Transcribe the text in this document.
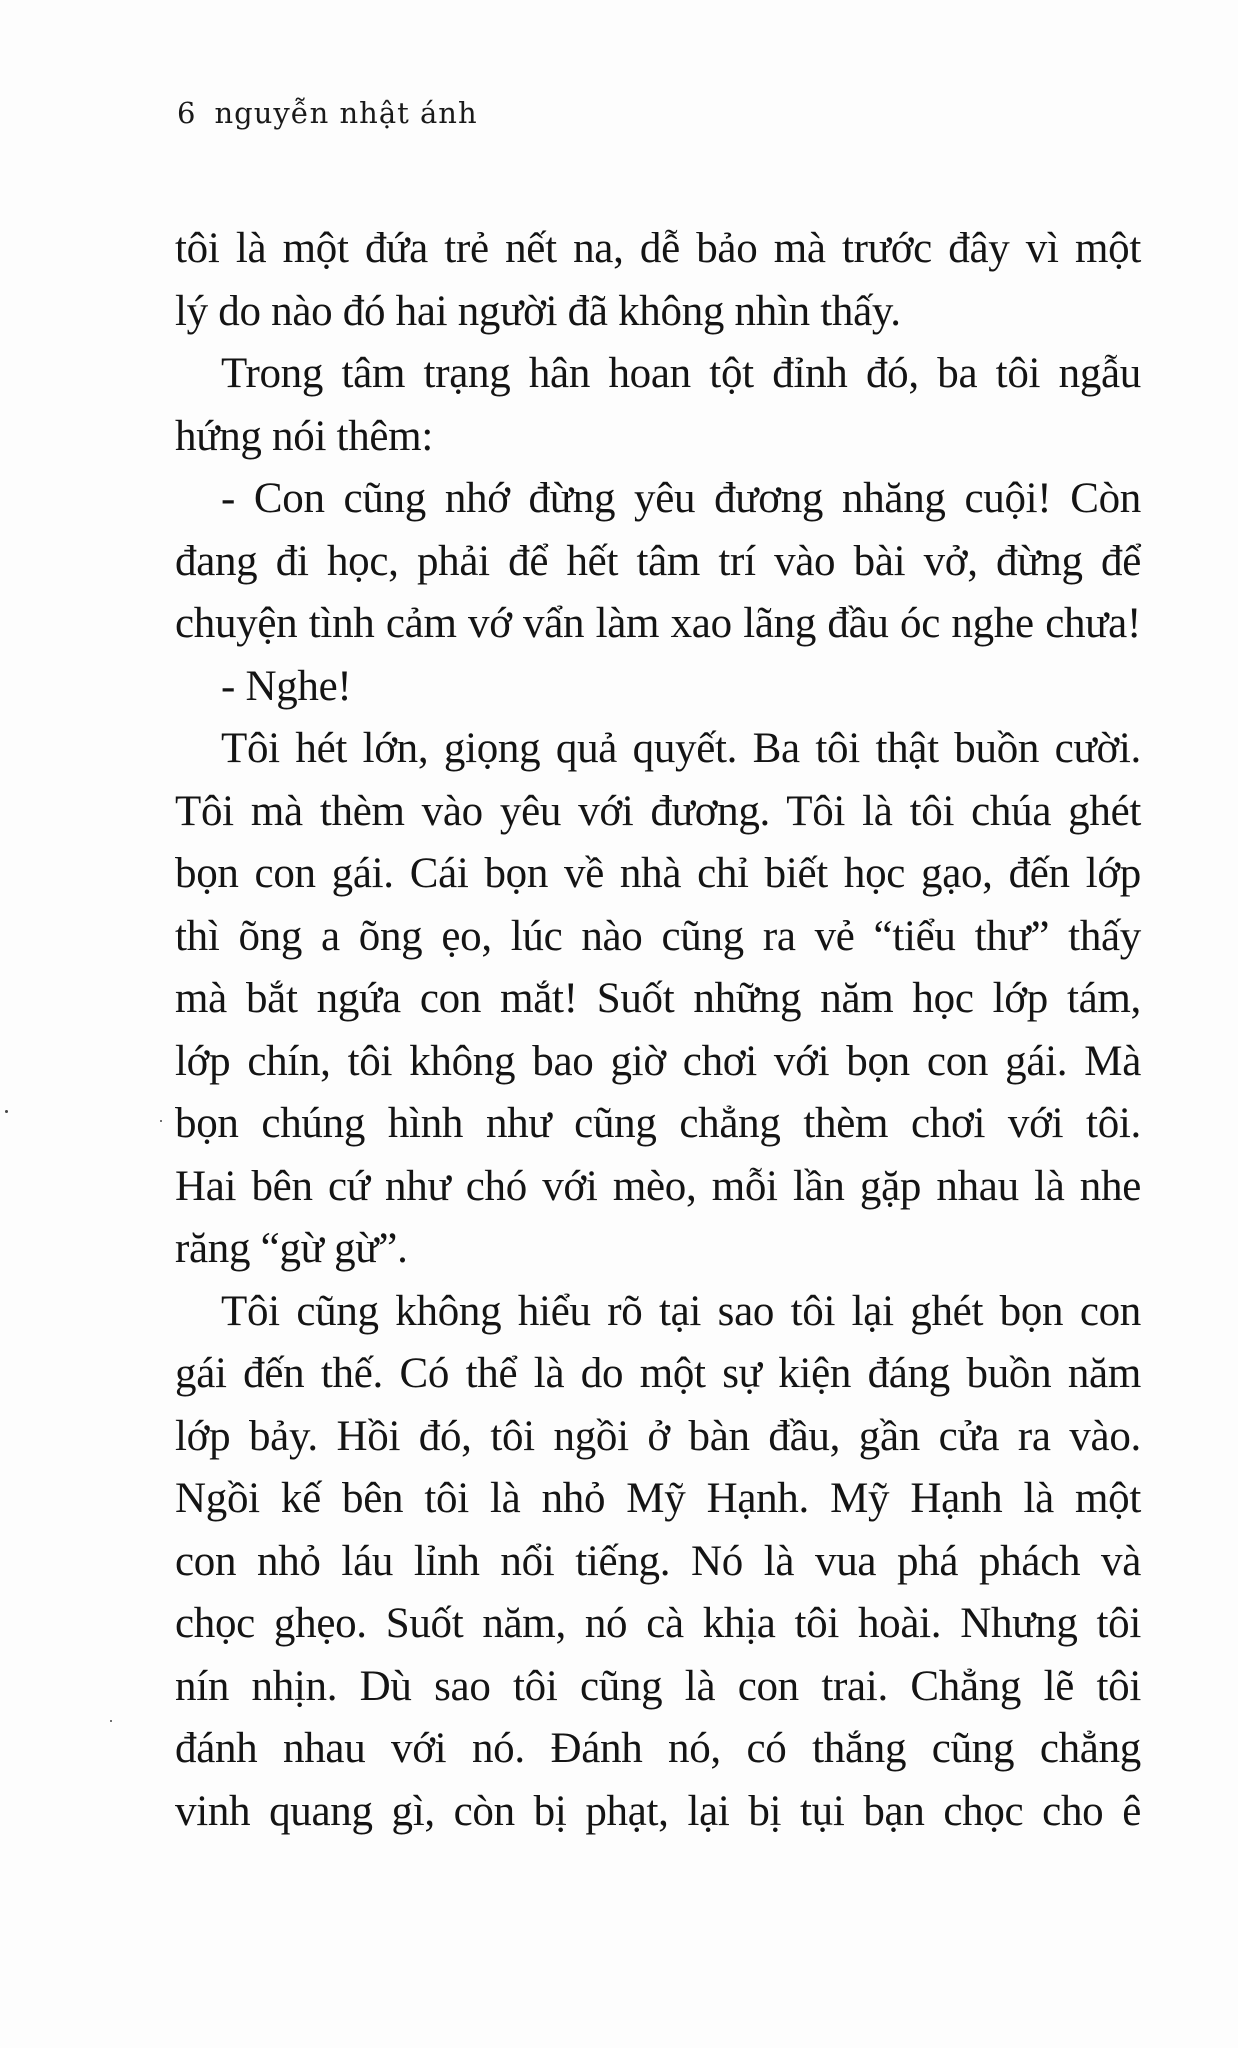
6 nguyễn nhật ánh
tôi là một đứa trẻ nết na, dễ bảo mà trước đây vì một
lý do nào đó hai người đã không nhìn thấy.
Trong tâm trạng hân hoan tột đỉnh đó, ba tôi ngẫu
hứng nói thêm:
- Con cũng nhớ đừng yêu đương nhăng cuội! Còn
đang đi học, phải để hết tâm trí vào bài vở, đừng để
chuyện tình cảm vớ vẩn làm xao lãng đầu óc nghe chưa!
- Nghe!
Tôi hét lớn, giọng quả quyết. Ba tôi thật buồn cười.
Tôi mà thèm vào yêu với đương. Tôi là tôi chúa ghét
bọn con gái. Cái bọn về nhà chỉ biết học gạo, đến lớp
thì õng a õng ẹo, lúc nào cũng ra vẻ “tiểu thư” thấy
mà bắt ngứa con mắt! Suốt những năm học lớp tám,
lớp chín, tôi không bao giờ chơi với bọn con gái. Mà
bọn chúng hình như cũng chẳng thèm chơi với tôi.
Hai bên cứ như chó với mèo, mỗi lần gặp nhau là nhe
răng “gừ gừ”.
Tôi cũng không hiểu rõ tại sao tôi lại ghét bọn con
gái đến thế. Có thể là do một sự kiện đáng buồn năm
lớp bảy. Hồi đó, tôi ngồi ở bàn đầu, gần cửa ra vào.
Ngồi kế bên tôi là nhỏ Mỹ Hạnh. Mỹ Hạnh là một
con nhỏ láu lỉnh nổi tiếng. Nó là vua phá phách và
chọc ghẹo. Suốt năm, nó cà khịa tôi hoài. Nhưng tôi
nín nhịn. Dù sao tôi cũng là con trai. Chẳng lẽ tôi
đánh nhau với nó. Đánh nó, có thắng cũng chẳng
vinh quang gì, còn bị phạt, lại bị tụi bạn chọc cho ê
